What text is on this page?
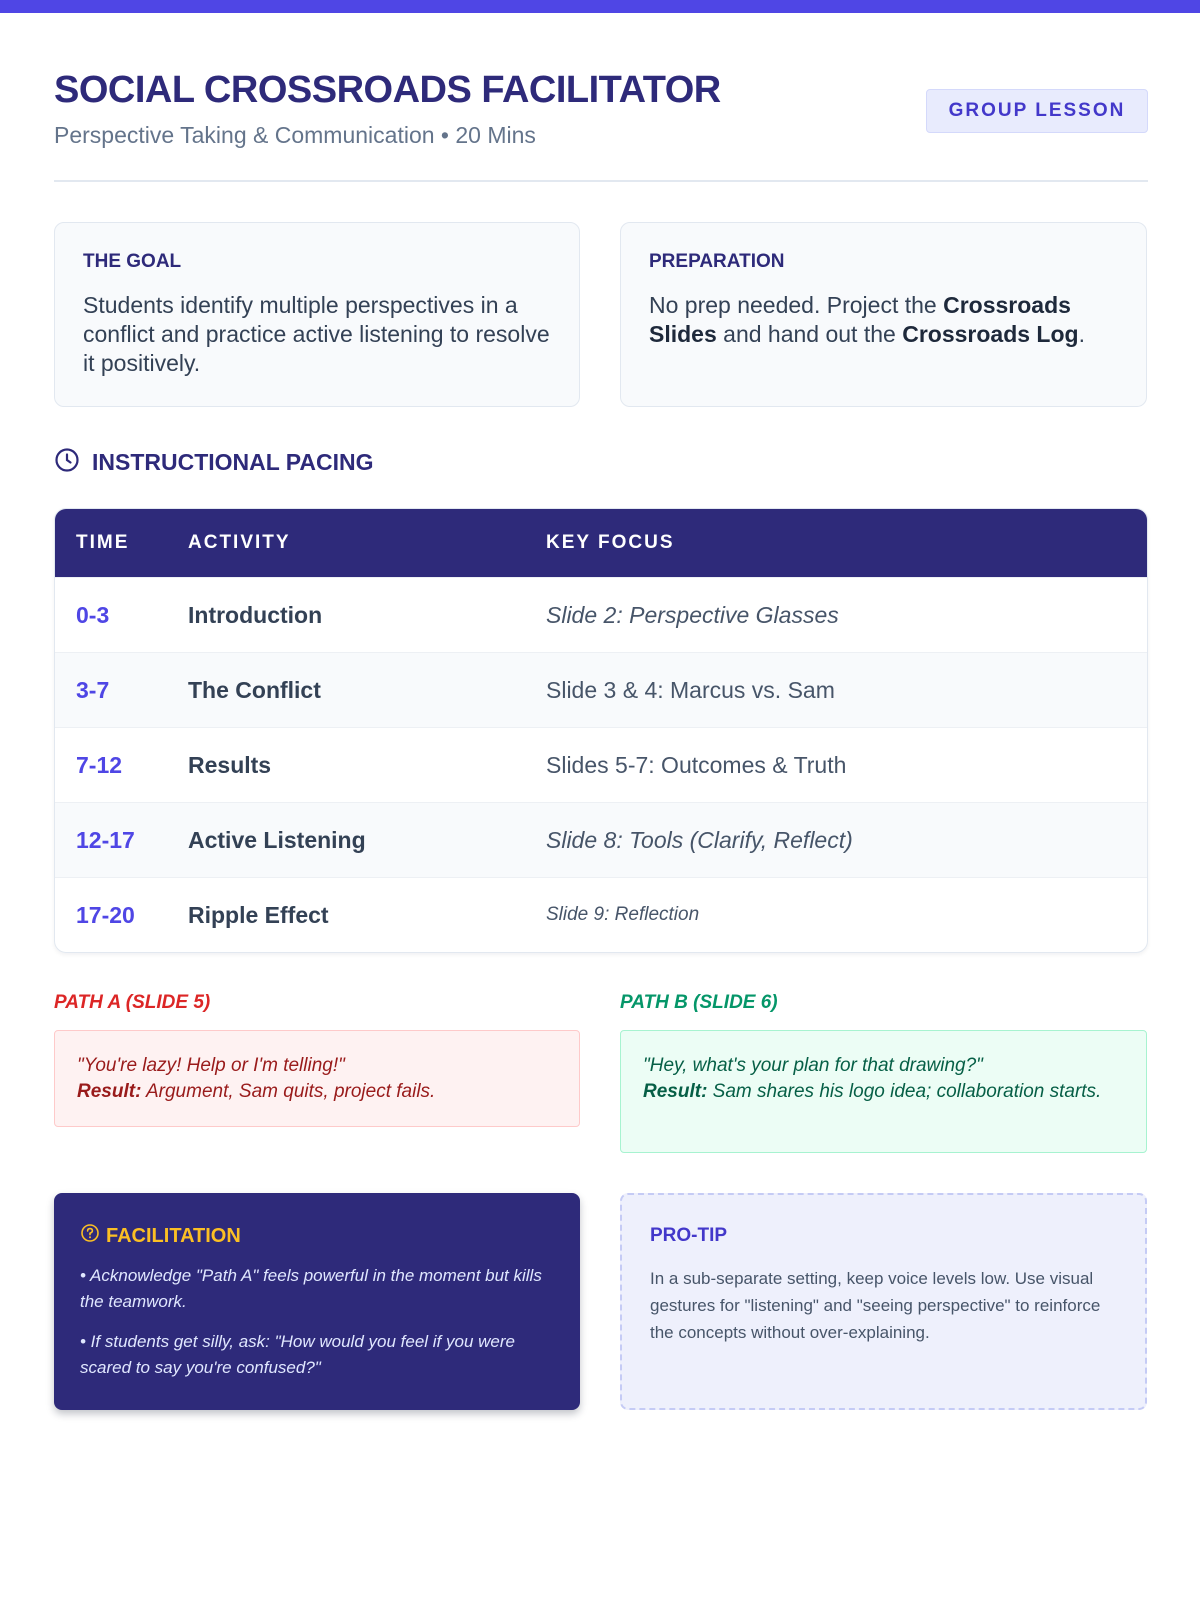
SOCIAL CROSSROADS FACILITATOR
Perspective Taking & Communication • 20 Mins
GROUP LESSON
THE GOAL
Students identify multiple perspectives in a conflict and practice active listening to resolve it positively.
PREPARATION
No prep needed. Project the Crossroads Slides and hand out the Crossroads Log.
INSTRUCTIONAL PACING
TIME	ACTIVITY	KEY FOCUS
0-3	Introduction	Slide 2: Perspective Glasses
3-7	The Conflict	Slide 3 & 4: Marcus vs. Sam
7-12	Results	Slides 5-7: Outcomes & Truth
12-17	Active Listening	Slide 8: Tools (Clarify, Reflect)
17-20	Ripple Effect	Slide 9: Reflection
PATH A (SLIDE 5)
"You're lazy! Help or I'm telling!"
Result: Argument, Sam quits, project fails.
PATH B (SLIDE 6)
"Hey, what's your plan for that drawing?"
Result: Sam shares his logo idea; collaboration starts.
FACILITATION
• Acknowledge "Path A" feels powerful in the moment but kills the teamwork.
• If students get silly, ask: "How would you feel if you were scared to say you're confused?"
PRO-TIP
In a sub-separate setting, keep voice levels low. Use visual gestures for "listening" and "seeing perspective" to reinforce the concepts without over-explaining.
